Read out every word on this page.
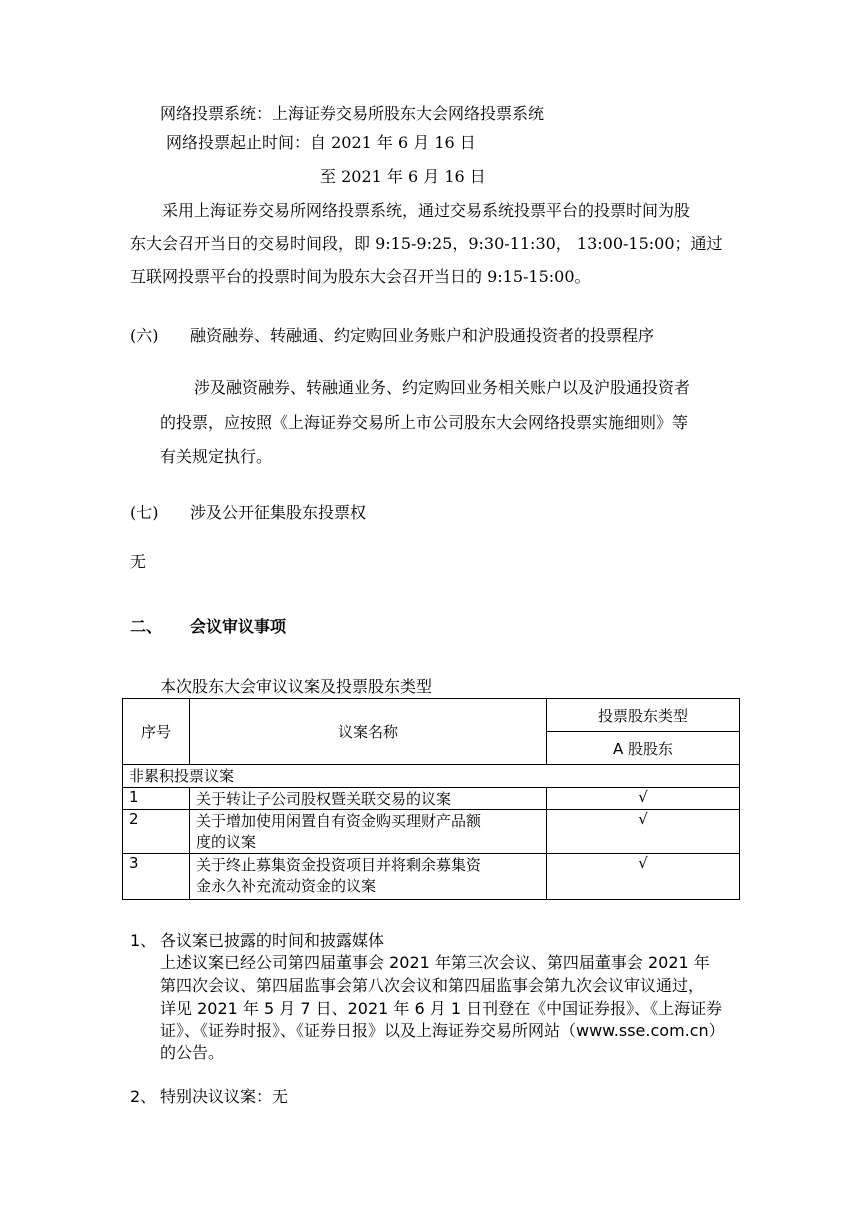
网络投票系统：上海证券交易所股东大会网络投票系统
网络投票起止时间：自 2021 年 6 月 16 日
至 2021 年 6 月 16 日
采用上海证券交易所网络投票系统，通过交易系统投票平台的投票时间为股
东大会召开当日的交易时间段，即 9:15-9:25，9:30-11:30， 13:00-15:00；通过
互联网投票平台的投票时间为股东大会召开当日的 9:15-15:00。
(六) 融资融券、转融通、约定购回业务账户和沪股通投资者的投票程序
涉及融资融券、转融通业务、约定购回业务相关账户以及沪股通投资者
的投票，应按照《上海证券交易所上市公司股东大会网络投票实施细则》等
有关规定执行。
(七) 涉及公开征集股东投票权
无
二、 会议审议事项
本次股东大会审议议案及投票股东类型
序号	议案名称	投票股东类型
		A 股股东
非累积投票议案		
1	关于转让子公司股权暨关联交易的议案	√
2	关于增加使用闲置自有资金购买理财产品额
度的议案	√
3	关于终止募集资金投资项目并将剩余募集资
金永久补充流动资金的议案	√
1、 各议案已披露的时间和披露媒体
上述议案已经公司第四届董事会 2021 年第三次会议、第四届董事会 2021 年
第四次会议、第四届监事会第八次会议和第四届监事会第九次会议审议通过，
详见 2021 年 5 月 7 日、2021 年 6 月 1 日刊登在《中国证券报》、《上海证券
证》、《证券时报》、《证券日报》以及上海证券交易所网站（www.sse.com.cn）
的公告。
2、 特别决议议案：无
